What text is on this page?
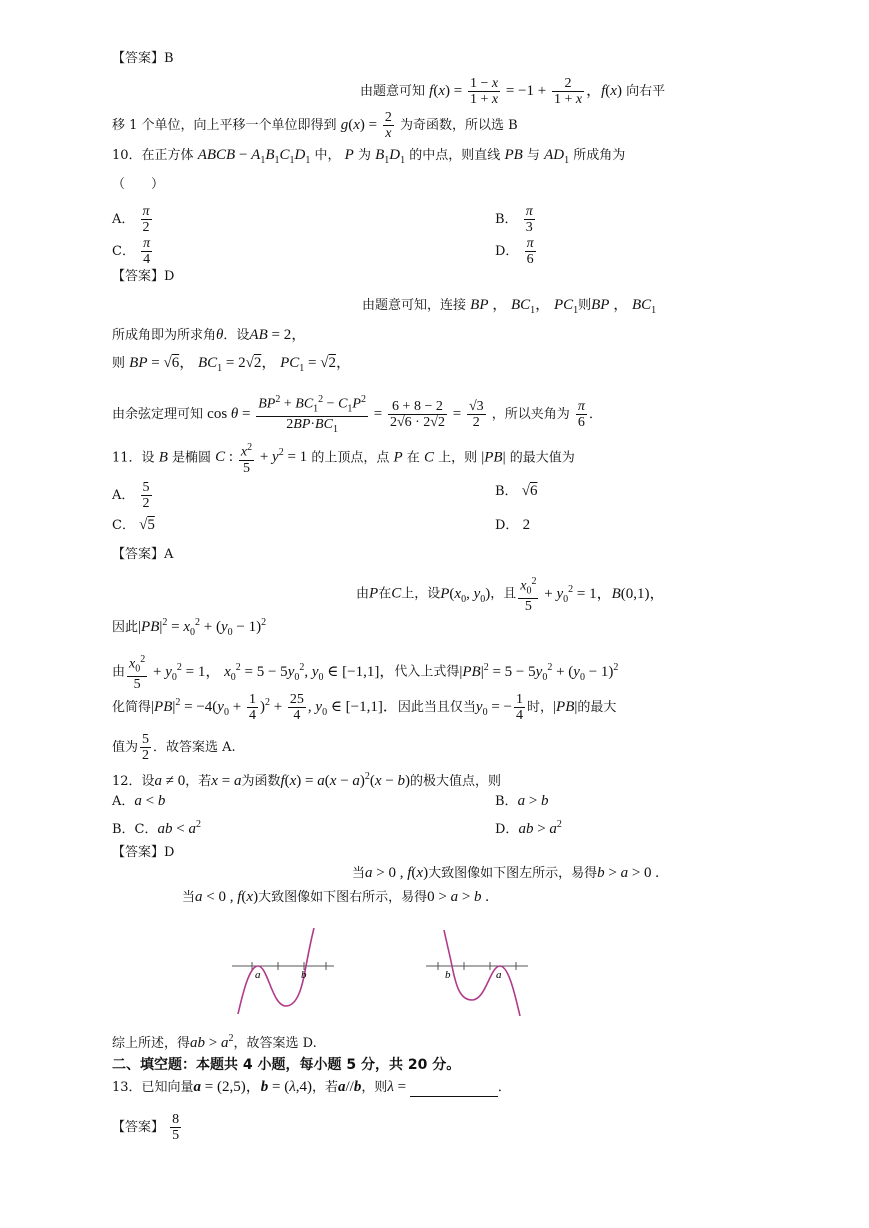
【答案】B
由题意可知 $f(x) = \frac{1 - x}{1 + x} = -1 + \frac{2}{1 + x}$ ，f(x) 向右平
移 1 个单位，向上平移一个单位即得到 $g(x) = \frac{2}{x}$ 为奇函数，所以选 B
10．在正方体 ABCB − $A_1B_1C_1D_1$ 中， P 为 $B_1D_1$ 的中点，则直线 PB 与 $AD_1$ 所成角为
（　　）
A． $\frac{\pi}{2}$	B． $\frac{\pi}{3}$
C． $\frac{\pi}{4}$	D． $\frac{\pi}{6}$
【答案】D
由题意可知，连接 BP ， $BC_1$， $PC_1$则BP ， $BC_1$
所成角即为所求角θ．设AB = 2，
则 BP = √6， $BC_1 = 2√2$， $PC_1 = √2$，
由余弦定理可知 $\cos \theta = \frac{BP^2 + BC_1^2 - C_1P^2}{2BP\cdot BC_1} = \frac{6 + 8 - 2}{2√6 \cdot 2√2} = \frac{√3}{2}$ ，所以夹角为 $\frac{\pi}{6}$ ．
11．设 B 是椭圆 C : $\frac{x^2}{5} + y^2 = 1$ 的上顶点，点 P 在 C 上，则 |PB| 的最大值为
A． $\frac{5}{2}$	B． √6
C． √5	D． 2
【答案】A
由P在C上，设$P(x_0$, $y_0$)，且 $\frac{x_0^2}{5} + y_0^2 = 1$，B(0,1)，
因此$|PB|^2 = x_0^2 + (y_0 - 1)^2$
由 $\frac{x_0^2}{5} + y_0^2 = 1$， $x_0^2 = 5 - 5y_0^2$, $y_0$ ∈ [−1,1]，代入上式得$|PB|^2 = 5 - 5y_0^2 + (y_0 - 1)^2$
化简得$|PB|^2 = -4(y_0 + \frac{1}{4} )^2 + \frac{25}{4}$ , $y_0$ ∈ [−1,1]．因此当且仅当$y_0$ = − $\frac{1}{4}$ 时，|PB|的最大
值为 $\frac{5}{2}$ ．故答案选 A.
12．设a ≠ 0，若x = a为函数$f(x) = a(x - a)^2(x - b)$的极大值点，则
A．a < b	B．a > b
B．C．ab < $a^2$	D．ab > $a^2$
【答案】D
当a > 0 , f(x)大致图像如下图左所示，易得b > a > 0 .
当a < 0 , f(x)大致图像如下图右所示，易得0 > a > b .
a	b	b	a
综上所述，得ab > $a^2$，故答案选 D.
二、填空题：本题共 4 小题，每小题 5 分，共 20 分。
13．已知向量a = (2,5)，b = (λ,4)，若a//b，则λ =	．
【答案】 $\frac{8}{5}$
